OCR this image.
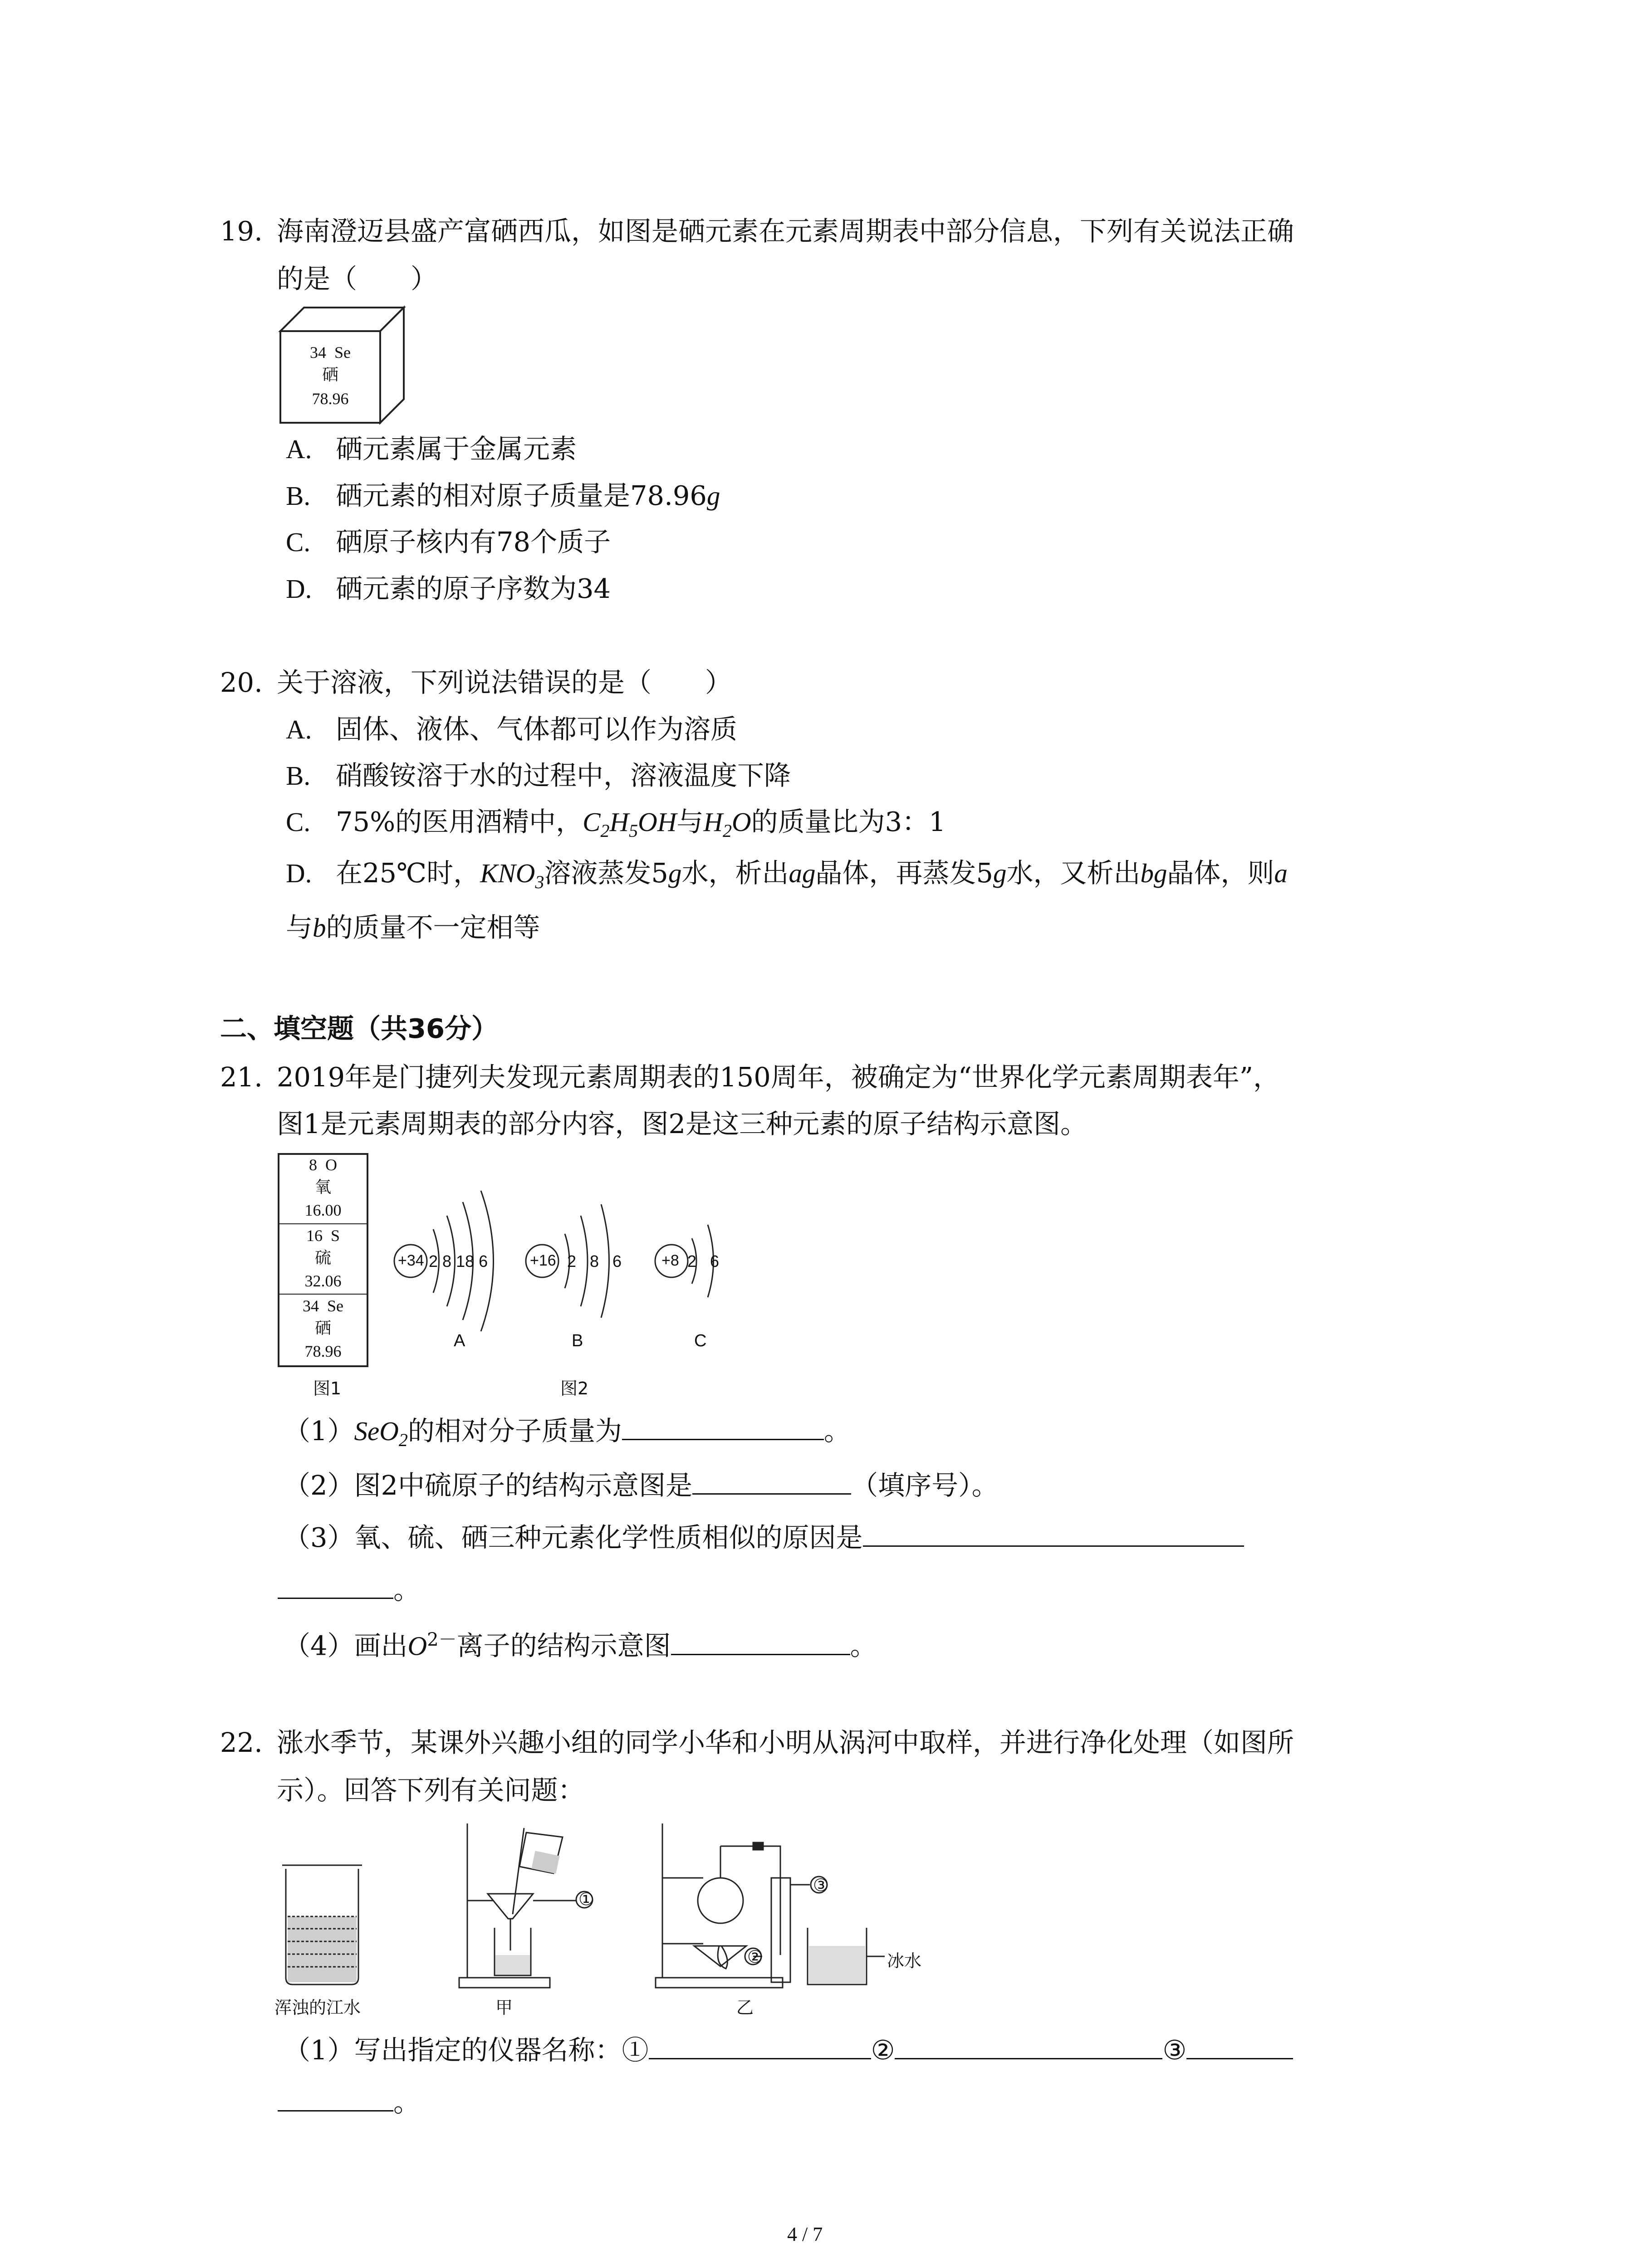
19. 海南澄迈县盛产富硒西瓜，如图是硒元素在元素周期表中部分信息，下列有关说法正确
的是（　　）
34  Se
硒
78.96
A. 硒元素属于金属元素
B. 硒元素的相对原子质量是78.96g
C. 硒原子核内有78个质子
D. 硒元素的原子序数为34
20. 关于溶液，下列说法错误的是（　　）
A. 固体、液体、气体都可以作为溶质
B. 硝酸铵溶于水的过程中，溶液温度下降
C. 75%的医用酒精中，$C_2H_5OH$与$H_2O$的质量比为3：1
D. 在25℃时，$KNO_3$溶液蒸发5g水，析出ag晶体，再蒸发5g水，又析出bg晶体，则a
与b的质量不一定相等
二、填空题（共36分）
21. 2019年是门捷列夫发现元素周期表的150周年，被确定为“世界化学元素周期表年”，
图1是元素周期表的部分内容，图2是这三种元素的原子结构示意图。
8  O
氧
16.00
16  S
硫
32.06
34  Se
硒
78.96
+34 2 8 18 6
A
+16 2   8   6
B
+8 2   6
C
图1	图2
（1）SeO$_2$的相对分子质量为	。
（2）图2中硫原子的结构示意图是	（填序号）。
（3）氧、硫、硒三种元素化学性质相似的原因是
。
（4）画出$O^{2-}$离子的结构示意图	。
22. 涨水季节，某课外兴趣小组的同学小华和小明从涡河中取样，并进行净化处理（如图所
示）。回答下列有关问题：
①
②
③
冰水
浑浊的江水	甲	乙
（1）写出指定的仪器名称：①	②	③
。
4 / 7
